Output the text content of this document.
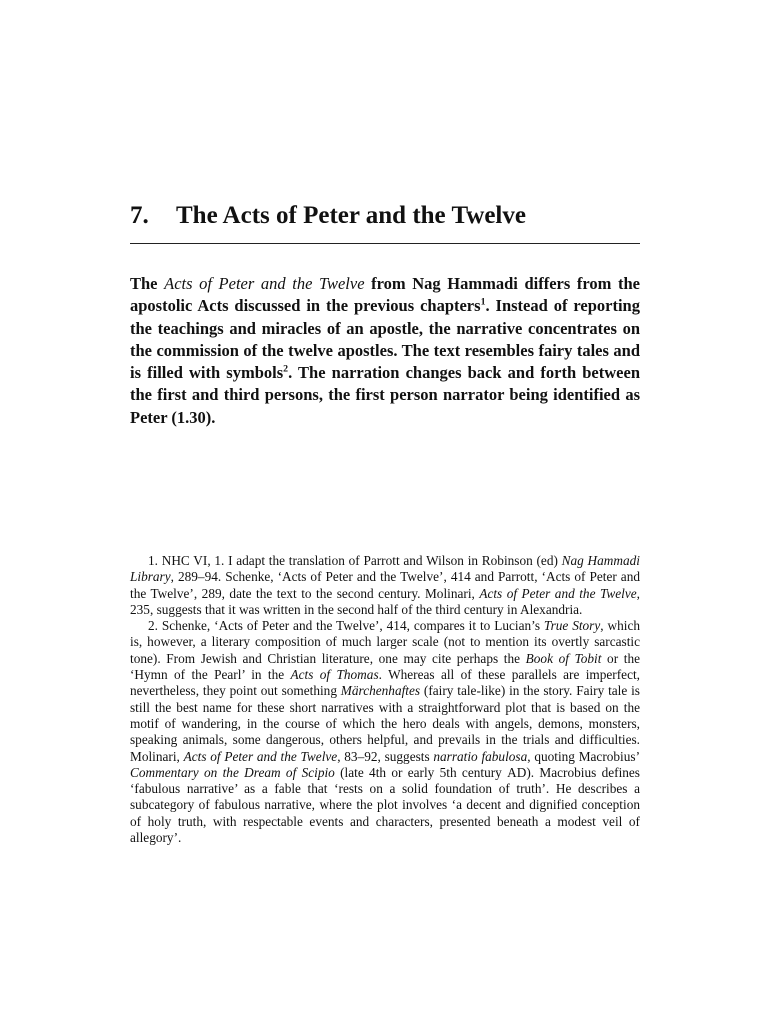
7. The Acts of Peter and the Twelve

The Acts of Peter and the Twelve from Nag Hammadi differs from the apostolic Acts discussed in the previous chapters$^1$. Instead of reporting the teachings and miracles of an apostle, the narrative concentrates on the commission of the twelve apostles. The text resembles fairy tales and is filled with symbols$^2$. The narration changes back and forth between the first and third persons, the first person narrator being identified as Peter (1.30).

1. NHC VI, 1. I adapt the translation of Parrott and Wilson in Robinson (ed) Nag Hammadi Library, 289–94. Schenke, ‘Acts of Peter and the Twelve’, 414 and Parrott, ‘Acts of Peter and the Twelve’, 289, date the text to the second century. Molinari, Acts of Peter and the Twelve, 235, suggests that it was written in the second half of the third century in Alexandria.

2. Schenke, ‘Acts of Peter and the Twelve’, 414, compares it to Lucian’s True Story, which is, however, a literary composition of much larger scale (not to mention its overtly sarcastic tone). From Jewish and Christian literature, one may cite perhaps the Book of Tobit or the ‘Hymn of the Pearl’ in the Acts of Thomas. Whereas all of these parallels are imperfect, nevertheless, they point out something Märchenhaftes (fairy tale-like) in the story. Fairy tale is still the best name for these short narratives with a straightforward plot that is based on the motif of wandering, in the course of which the hero deals with angels, demons, monsters, speaking animals, some dangerous, others helpful, and prevails in the trials and difficulties. Molinari, Acts of Peter and the Twelve, 83–92, suggests narratio fabulosa, quoting Macrobius’ Commentary on the Dream of Scipio (late 4th or early 5th century AD). Macrobius defines ‘fabulous narrative’ as a fable that ‘rests on a solid foundation of truth’. He describes a subcategory of fabulous narrative, where the plot involves ‘a decent and dignified conception of holy truth, with respectable events and characters, presented beneath a modest veil of allegory’.
